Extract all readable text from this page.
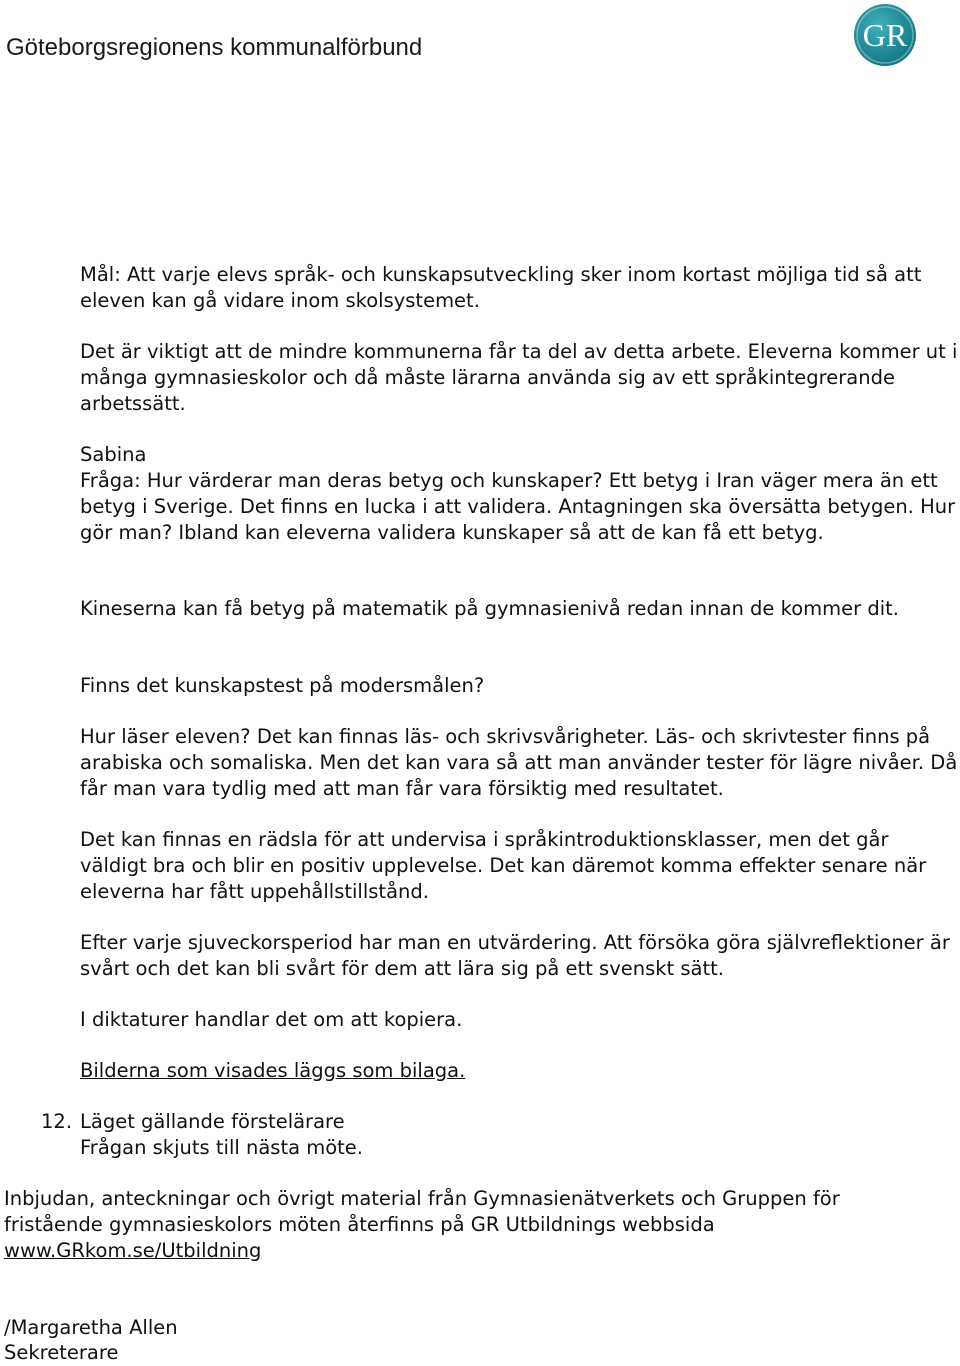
Göteborgsregionens kommunalförbund	GR

Mål: Att varje elevs språk- och kunskapsutveckling sker inom kortast möjliga tid så att eleven kan gå vidare inom skolsystemet.

Det är viktigt att de mindre kommunerna får ta del av detta arbete. Eleverna kommer ut i många gymnasieskolor och då måste lärarna använda sig av ett språkintegrerande arbetssätt.

Sabina

Fråga: Hur värderar man deras betyg och kunskaper? Ett betyg i Iran väger mera än ett betyg i Sverige. Det finns en lucka i att validera. Antagningen ska översätta betygen. Hur gör man? Ibland kan eleverna validera kunskaper så att de kan få ett betyg.

Kineserna kan få betyg på matematik på gymnasienivå redan innan de kommer dit.

Finns det kunskapstest på modersmålen?

Hur läser eleven? Det kan finnas läs- och skrivsvårigheter. Läs- och skrivtester finns på arabiska och somaliska. Men det kan vara så att man använder tester för lägre nivåer. Då får man vara tydlig med att man får vara försiktig med resultatet.

Det kan finnas en rädsla för att undervisa i språkintroduktionsklasser, men det går väldigt bra och blir en positiv upplevelse. Det kan däremot komma effekter senare när eleverna har fått uppehållstillstånd.

Efter varje sjuveckorsperiod har man en utvärdering. Att försöka göra självreflektioner är svårt och det kan bli svårt för dem att lära sig på ett svenskt sätt.

I diktaturer handlar det om att kopiera.

Bilderna som visades läggs som bilaga.

12. Läget gällande förstelärare

Frågan skjuts till nästa möte.

Inbjudan, anteckningar och övrigt material från Gymnasienätverkets och Gruppen för fristående gymnasieskolors möten återfinns på GR Utbildnings webbsida

www.GRkom.se/Utbildning

/Margaretha Allen

Sekreterare
